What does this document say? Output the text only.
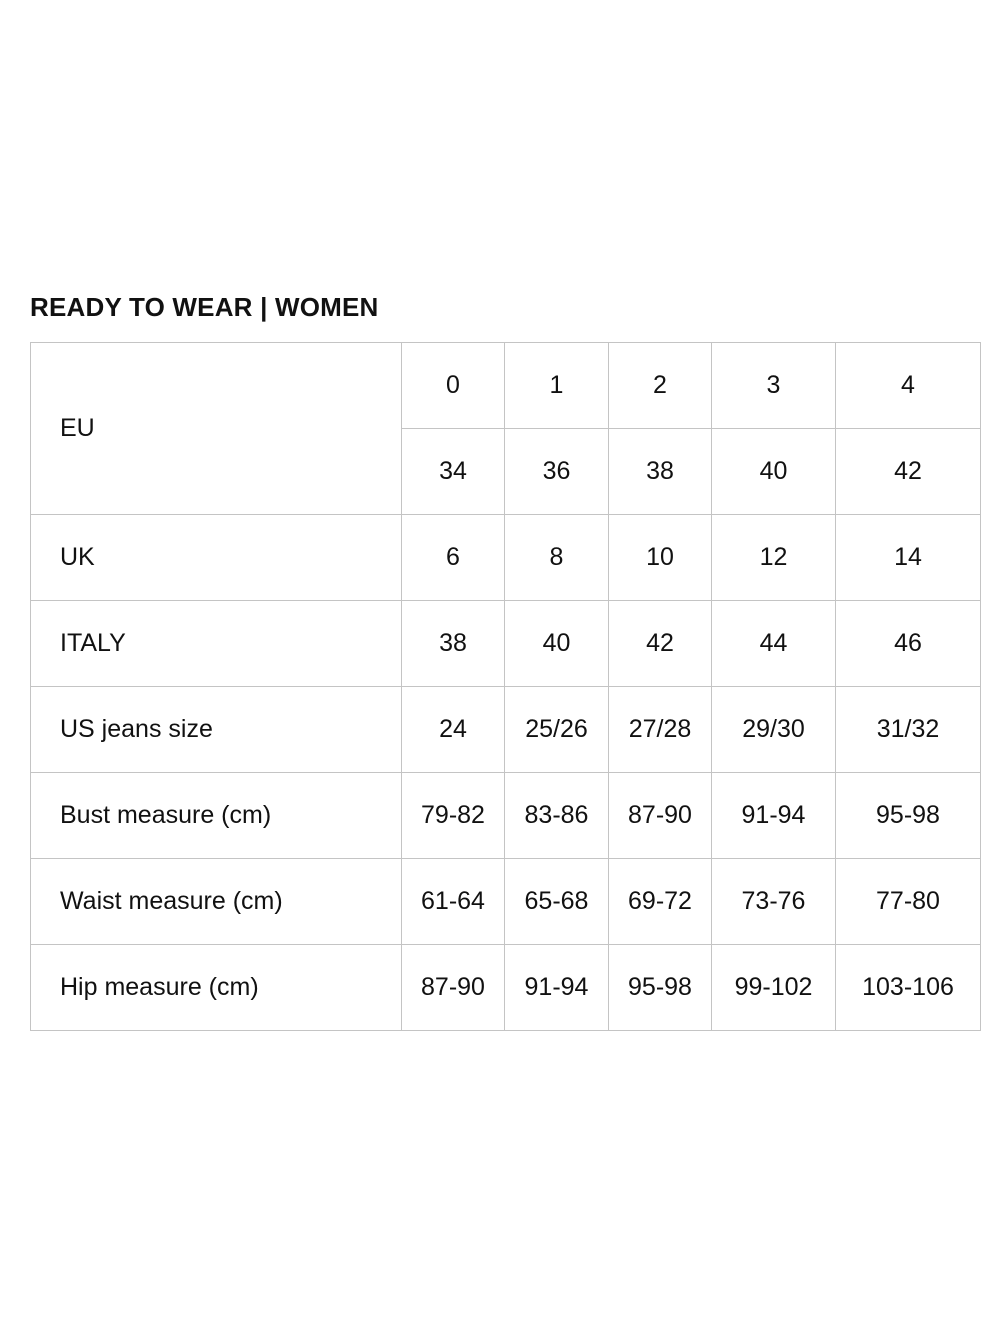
READY TO WEAR | WOMEN
EU	0	1	2	3	4
	34	36	38	40	42
UK	6	8	10	12	14
ITALY	38	40	42	44	46
US jeans size	24	25/26	27/28	29/30	31/32
Bust measure (cm)	79-82	83-86	87-90	91-94	95-98
Waist measure (cm)	61-64	65-68	69-72	73-76	77-80
Hip measure (cm)	87-90	91-94	95-98	99-102	103-106
